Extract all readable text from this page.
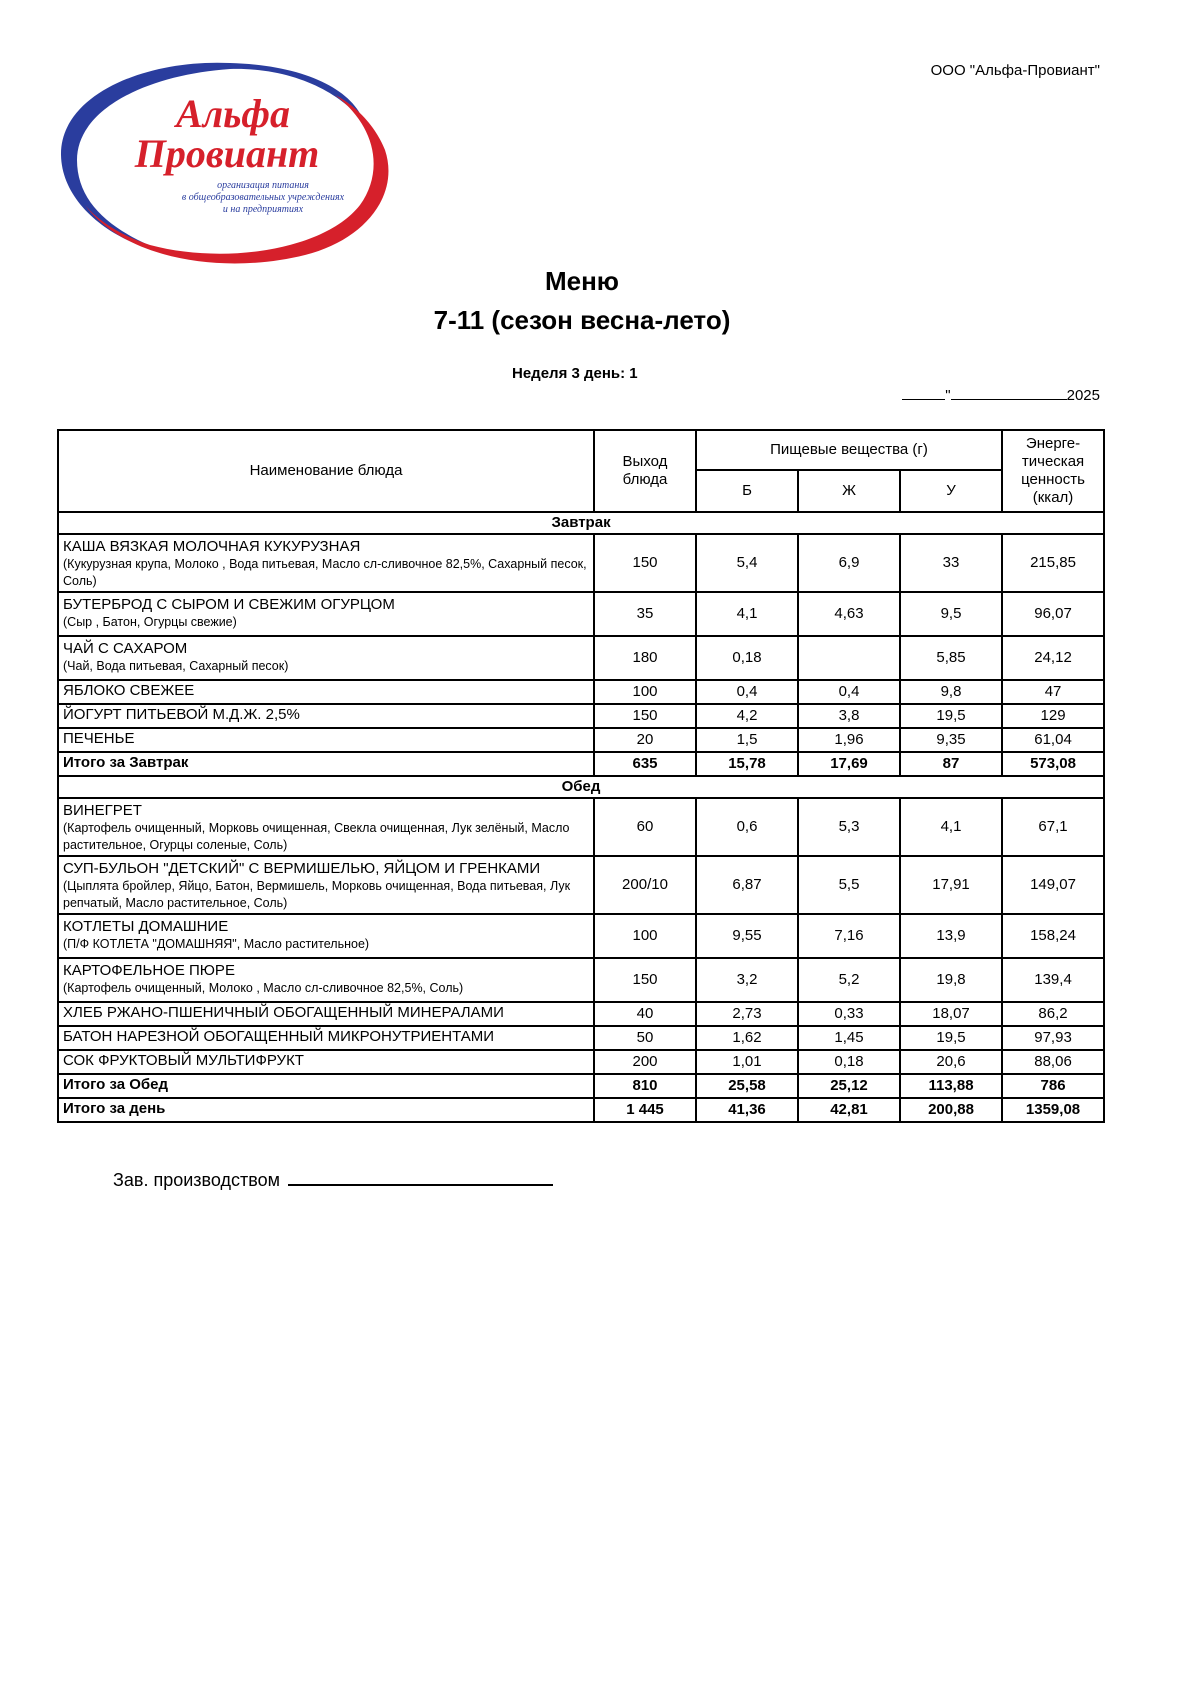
ООО "Альфа-Провиант"
Альфа
Провиант
организация питания
в общеобразовательных учреждениях
и на предприятиях
Меню
7-11 (сезон весна-лето)
Неделя 3 день: 1
"	2025
Наименование блюда	Выход
блюда	Пищевые вещества (г)			Энерге-
тическая
ценность
(ккал)
		Б	Ж	У	
Завтрак					

КАША ВЯЗКАЯ МОЛОЧНАЯ КУКУРУЗНАЯ
(Кукурузная крупа, Молоко , Вода питьевая, Масло сл-сливочное 82,5%, Сахарный песок, Соль)	150	5,4	6,9	33	215,85

БУТЕРБРОД С СЫРОМ И СВЕЖИМ ОГУРЦОМ
(Сыр , Батон, Огурцы свежие)	35	4,1	4,63	9,5	96,07

ЧАЙ С САХАРОМ
(Чай, Вода питьевая, Сахарный песок)	180	0,18		5,85	24,12

ЯБЛОКО СВЕЖЕЕ	100	0,4	0,4	9,8	47

ЙОГУРТ ПИТЬЕВОЙ М.Д.Ж. 2,5%	150	4,2	3,8	19,5	129

ПЕЧЕНЬЕ	20	1,5	1,96	9,35	61,04
Итого за Завтрак	635	15,78	17,69	87	573,08
Обед					

ВИНЕГРЕТ
(Картофель очищенный, Морковь очищенная, Свекла очищенная, Лук зелёный, Масло растительное, Огурцы соленые, Соль)	60	0,6	5,3	4,1	67,1

СУП-БУЛЬОН "ДЕТСКИЙ" С ВЕРМИШЕЛЬЮ, ЯЙЦОМ И ГРЕНКАМИ
(Цыплята бройлер, Яйцо, Батон, Вермишель, Морковь очищенная, Вода питьевая, Лук репчатый, Масло растительное, Соль)	200/10	6,87	5,5	17,91	149,07

КОТЛЕТЫ ДОМАШНИЕ
(П/Ф КОТЛЕТА "ДОМАШНЯЯ", Масло растительное)	100	9,55	7,16	13,9	158,24

КАРТОФЕЛЬНОЕ ПЮРЕ
(Картофель очищенный, Молоко , Масло сл-сливочное 82,5%, Соль)	150	3,2	5,2	19,8	139,4

ХЛЕБ РЖАНО-ПШЕНИЧНЫЙ ОБОГАЩЕННЫЙ МИНЕРАЛАМИ	40	2,73	0,33	18,07	86,2

БАТОН НАРЕЗНОЙ ОБОГАЩЕННЫЙ МИКРОНУТРИЕНТАМИ	50	1,62	1,45	19,5	97,93

СОК ФРУКТОВЫЙ МУЛЬТИФРУКТ	200	1,01	0,18	20,6	88,06
Итого за Обед	810	25,58	25,12	113,88	786
Итого за день	1 445	41,36	42,81	200,88	1359,08
Зав. производством
